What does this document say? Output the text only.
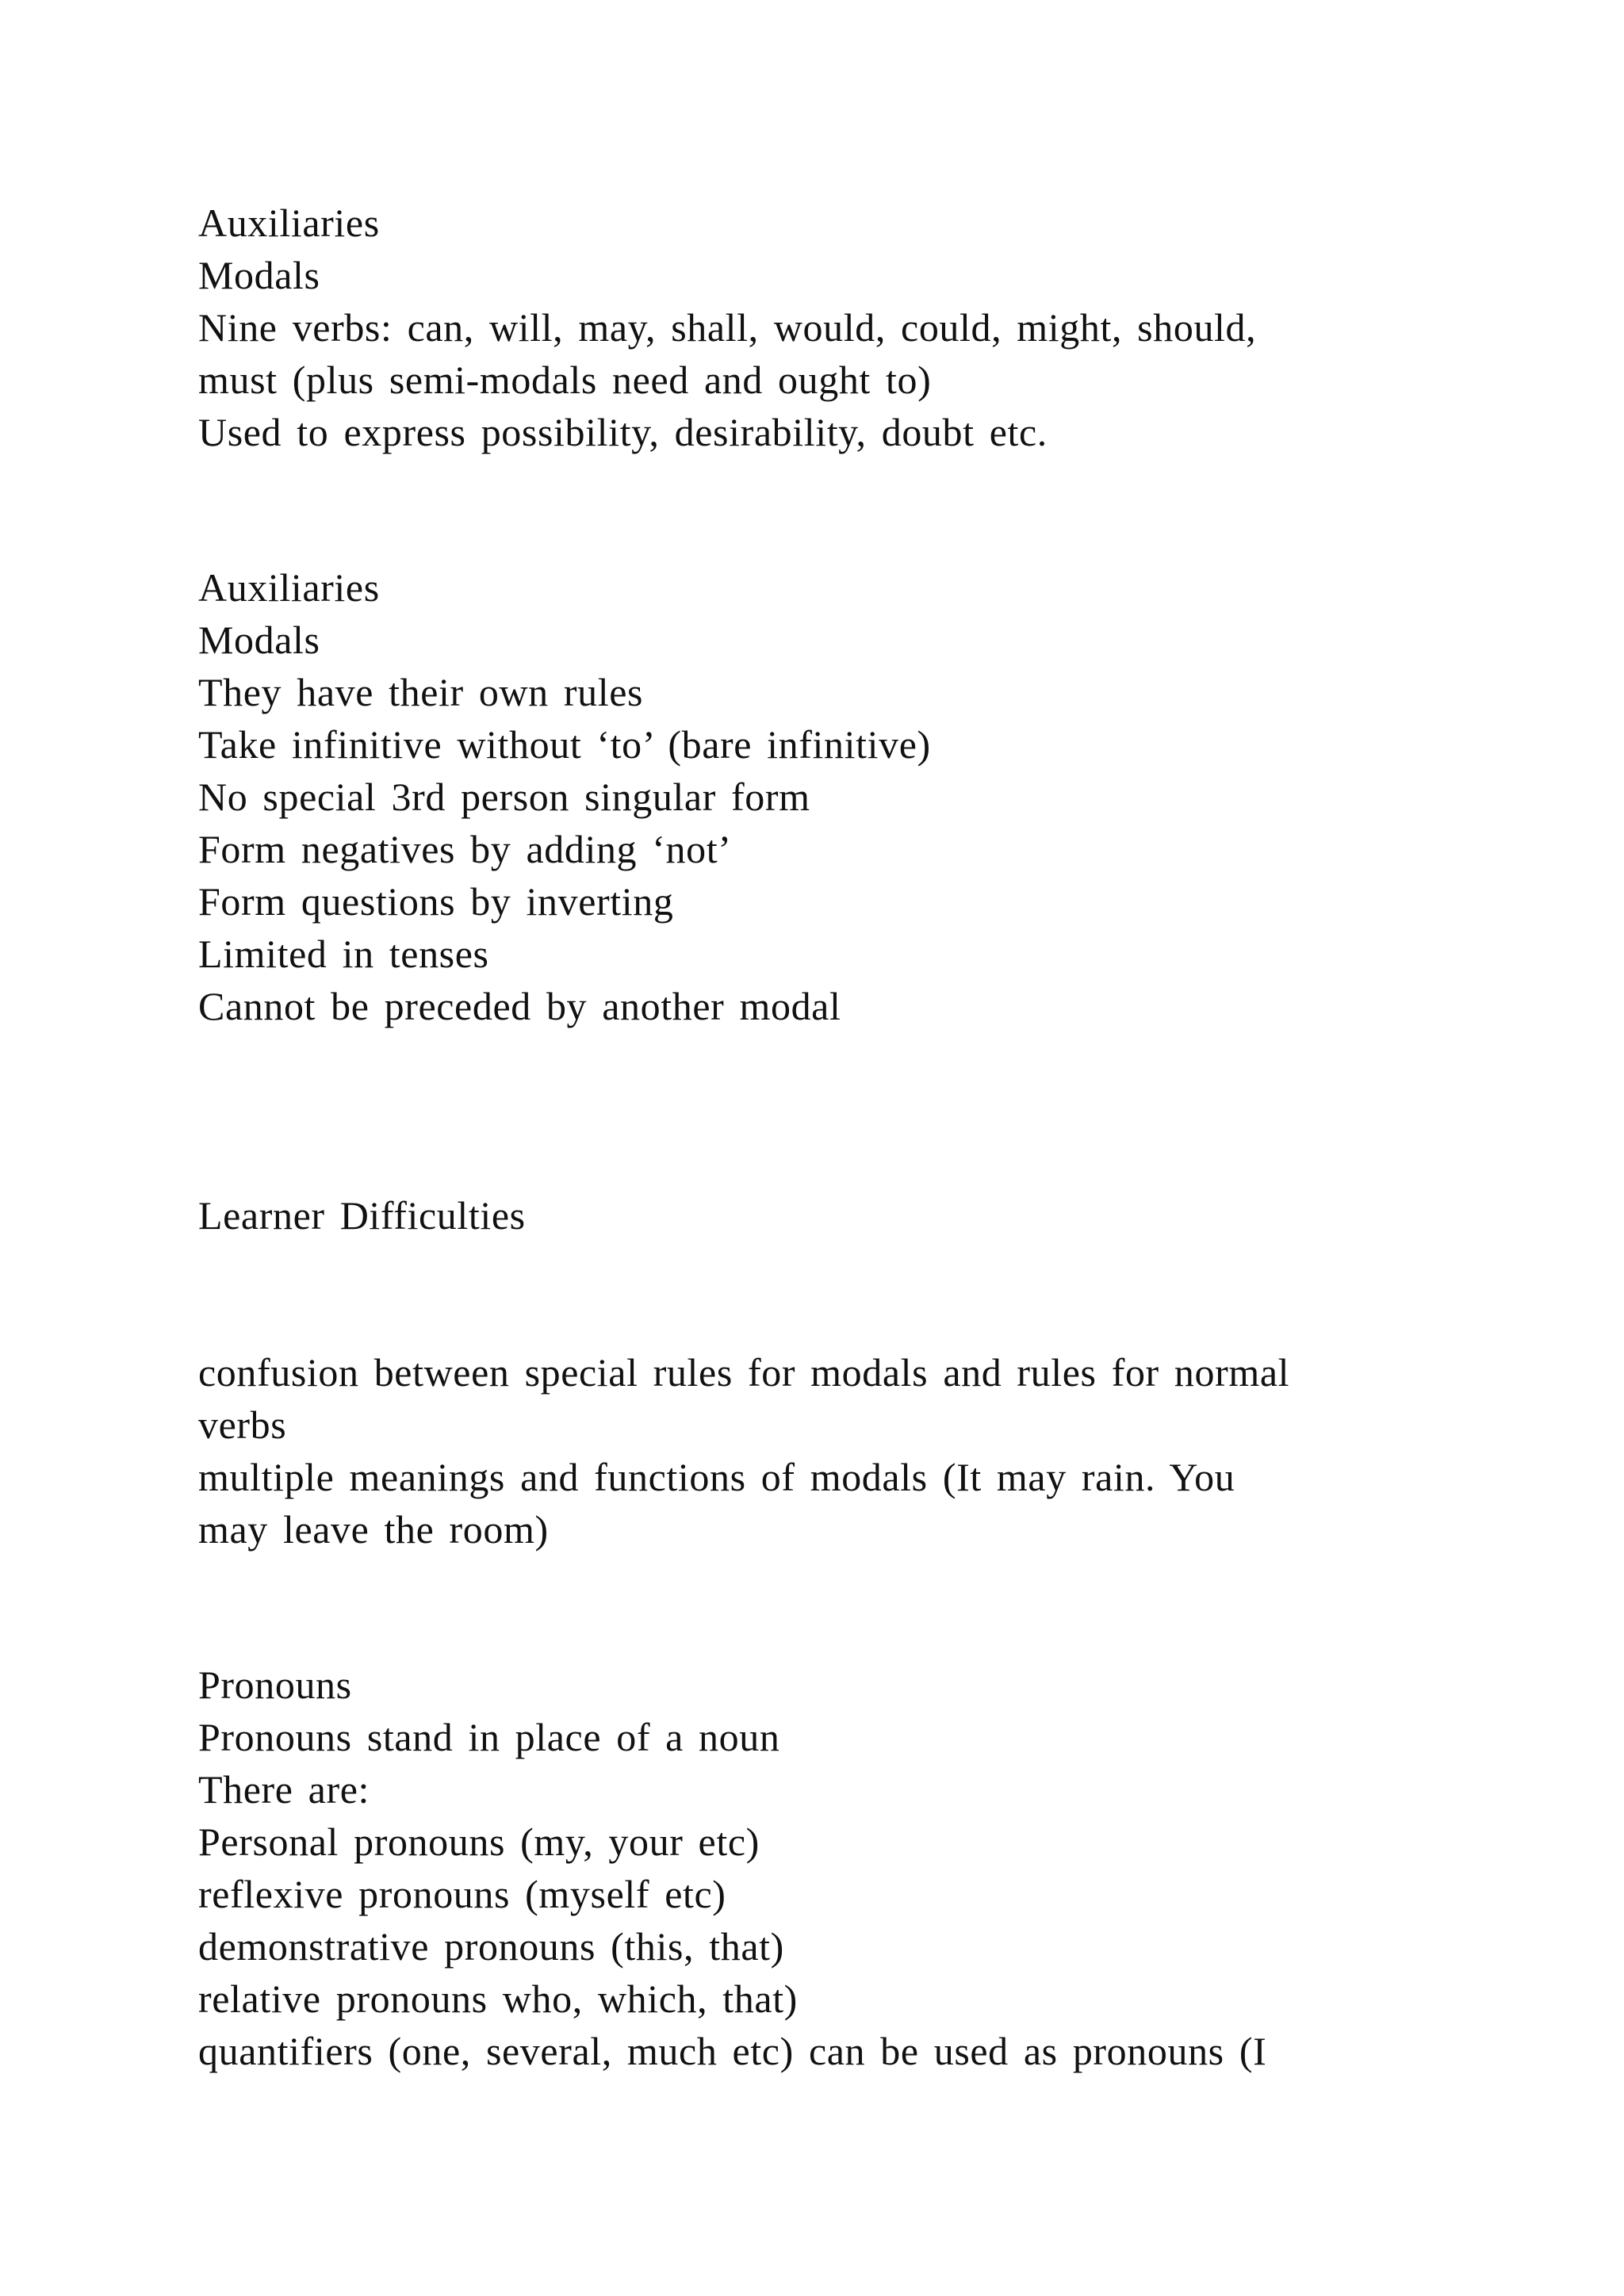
Auxiliaries
Modals
Nine verbs: can, will, may, shall, would, could, might, should,
must (plus semi-modals need and ought to)
Used to express possibility, desirability, doubt etc.
Auxiliaries
Modals
They have their own rules
Take infinitive without ‘to’ (bare infinitive)
No special 3rd person singular form
Form negatives by adding ‘not’
Form questions by inverting
Limited in tenses
Cannot be preceded by another modal
Learner Difficulties
confusion between special rules for modals and rules for normal
verbs
multiple meanings and functions of modals (It may rain. You
may leave the room)
Pronouns
Pronouns stand in place of a noun
There are:
Personal pronouns (my, your etc)
reflexive pronouns (myself etc)
demonstrative pronouns (this, that)
relative pronouns who, which, that)
quantifiers (one, several, much etc) can be used as pronouns (I
